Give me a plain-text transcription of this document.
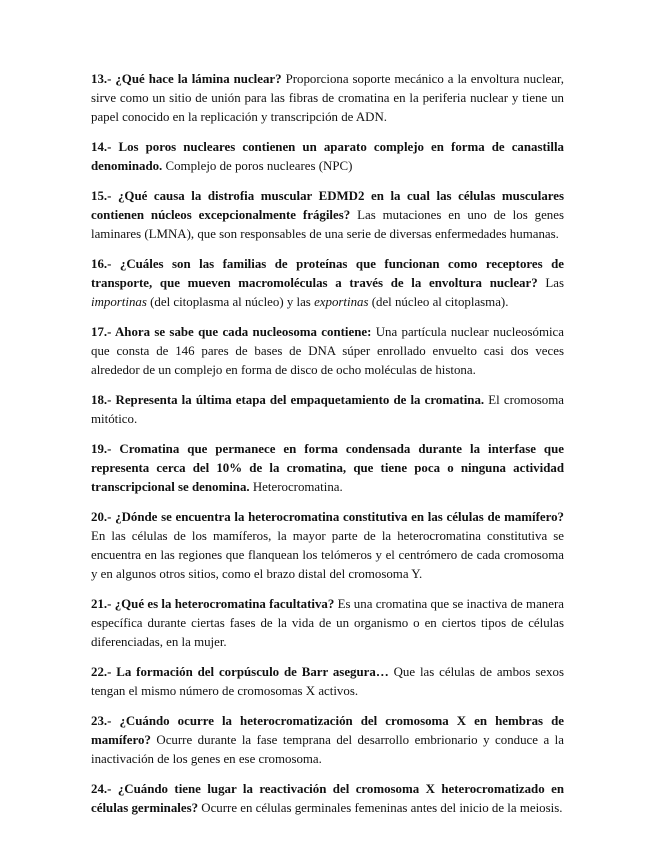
13.- ¿Qué hace la lámina nuclear? Proporciona soporte mecánico a la envoltura nuclear, sirve como un sitio de unión para las fibras de cromatina en la periferia nuclear y tiene un papel conocido en la replicación y transcripción de ADN.

14.- Los poros nucleares contienen un aparato complejo en forma de canastilla denominado. Complejo de poros nucleares (NPC)

15.- ¿Qué causa la distrofia muscular EDMD2 en la cual las células musculares contienen núcleos excepcionalmente frágiles? Las mutaciones en uno de los genes laminares (LMNA), que son responsables de una serie de diversas enfermedades humanas.

16.- ¿Cuáles son las familias de proteínas que funcionan como receptores de transporte, que mueven macromoléculas a través de la envoltura nuclear? Las importinas (del citoplasma al núcleo) y las exportinas (del núcleo al citoplasma).

17.- Ahora se sabe que cada nucleosoma contiene: Una partícula nuclear nucleosómica que consta de 146 pares de bases de DNA súper enrollado envuelto casi dos veces alrededor de un complejo en forma de disco de ocho moléculas de histona.

18.- Representa la última etapa del empaquetamiento de la cromatina. El cromosoma mitótico.

19.- Cromatina que permanece en forma condensada durante la interfase que representa cerca del 10% de la cromatina, que tiene poca o ninguna actividad transcripcional se denomina. Heterocromatina.

20.- ¿Dónde se encuentra la heterocromatina constitutiva en las células de mamífero? En las células de los mamíferos, la mayor parte de la heterocromatina constitutiva se encuentra en las regiones que flanquean los telómeros y el centrómero de cada cromosoma y en algunos otros sitios, como el brazo distal del cromosoma Y.

21.- ¿Qué es la heterocromatina facultativa? Es una cromatina que se inactiva de manera específica durante ciertas fases de la vida de un organismo o en ciertos tipos de células diferenciadas, en la mujer.

22.- La formación del corpúsculo de Barr asegura… Que las células de ambos sexos tengan el mismo número de cromosomas X activos.

23.- ¿Cuándo ocurre la heterocromatización del cromosoma X en hembras de mamífero? Ocurre durante la fase temprana del desarrollo embrionario y conduce a la inactivación de los genes en ese cromosoma.

24.- ¿Cuándo tiene lugar la reactivación del cromosoma X heterocromatizado en células germinales? Ocurre en células germinales femeninas antes del inicio de la meiosis.
